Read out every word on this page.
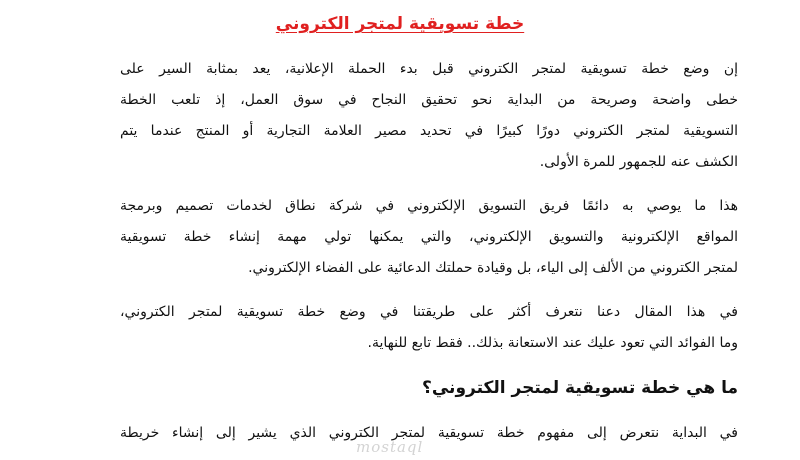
خطة تسويقية لمتجر الكتروني

إن وضع خطة تسويقية لمتجر الكتروني قبل بدء الحملة الإعلانية، يعد بمثابة السير على
خطى واضحة وصريحة من البداية نحو تحقيق النجاح في سوق العمل، إذ تلعب الخطة
التسويقية لمتجر الكتروني دورًا كبيرًا في تحديد مصير العلامة التجارية أو المنتج عندما يتم
الكشف عنه للجمهور للمرة الأولى.

هذا ما يوصي به دائمًا فريق التسويق الإلكتروني في شركة نطاق لخدمات تصميم وبرمجة
المواقع الإلكترونية والتسويق الإلكتروني، والتي يمكنها تولي مهمة إنشاء خطة تسويقية
لمتجر الكتروني من الألف إلى الياء، بل وقيادة حملتك الدعائية على الفضاء الإلكتروني.

في هذا المقال دعنا نتعرف أكثر على طريقتنا في وضع خطة تسويقية لمتجر الكتروني،
وما الفوائد التي تعود عليك عند الاستعانة بذلك.. فقط تابع للنهاية.

ما هي خطة تسويقية لمتجر الكتروني؟

في البداية نتعرض إلى مفهوم خطة تسويقية لمتجر الكتروني الذي يشير إلى إنشاء خريطة

mostaql
